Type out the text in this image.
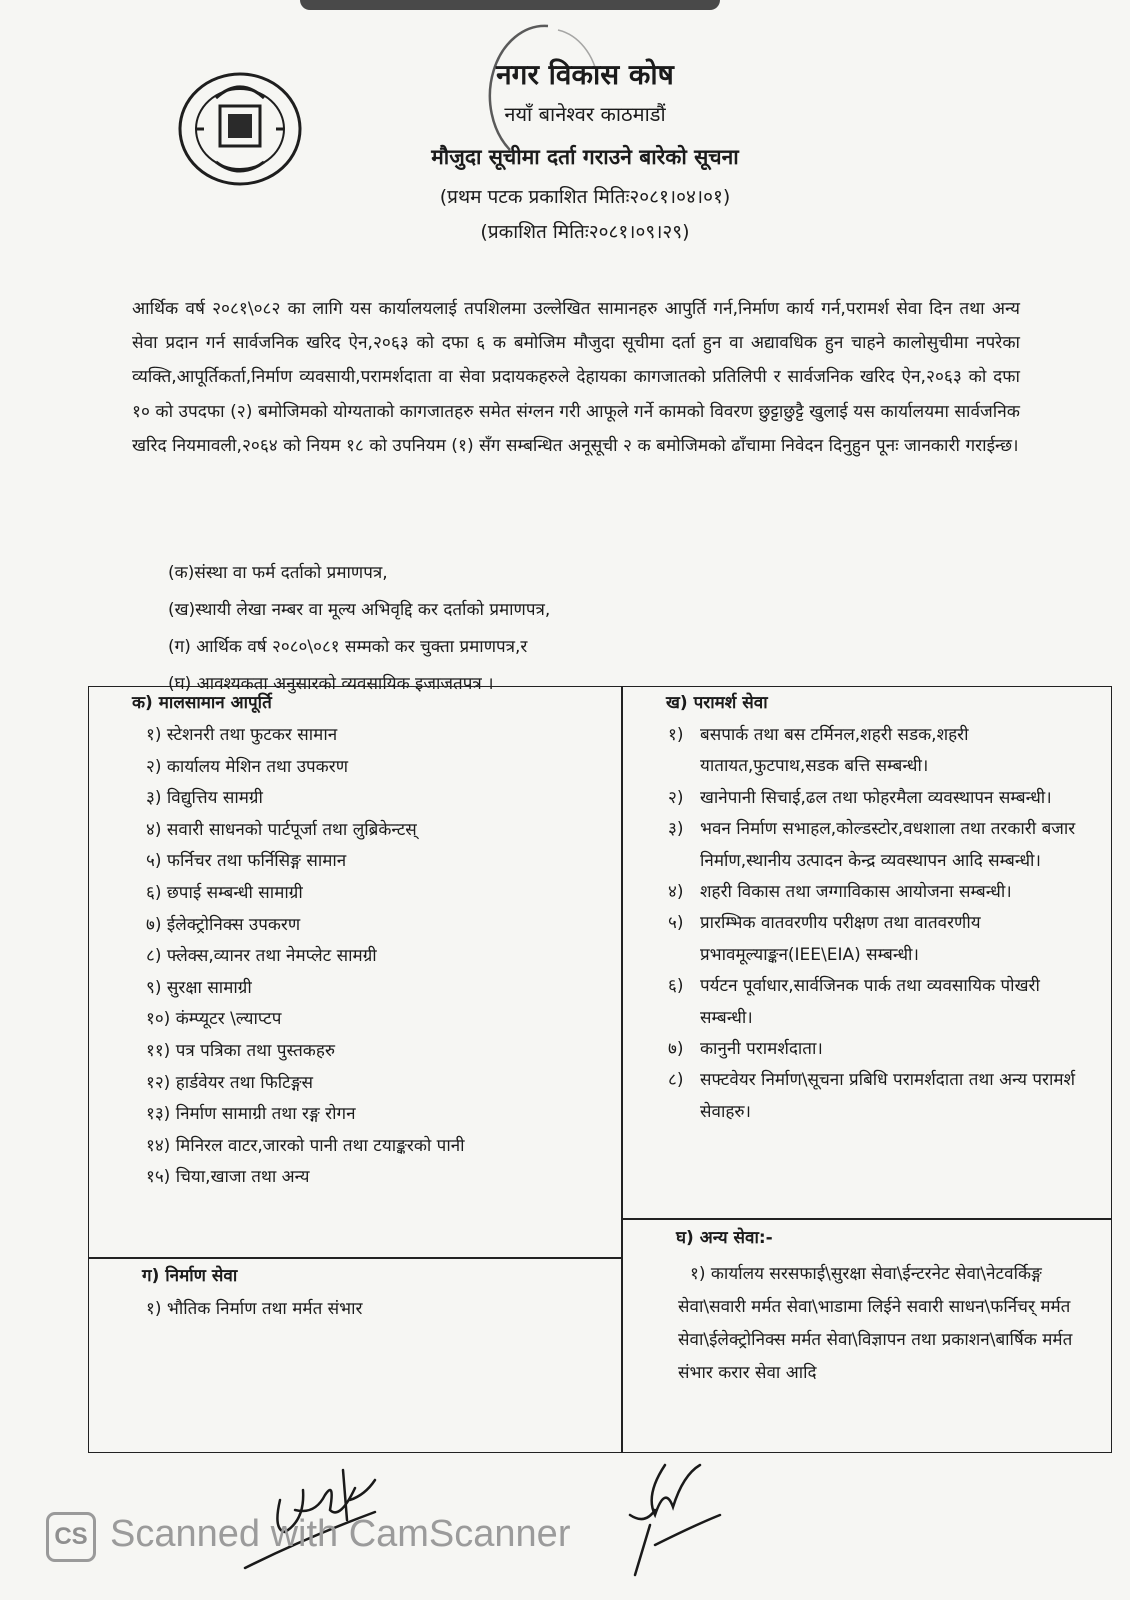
नगर विकास कोष
नयाँ बानेश्वर काठमाडौं
मौजुदा सूचीमा दर्ता गराउने बारेको सूचना
(प्रथम पटक प्रकाशित मितिः२०८१।०४।०१)
(प्रकाशित मितिः२०८१।०९।२९)

आर्थिक वर्ष २०८१\०८२ का लागि यस कार्यालयलाई तपशिलमा उल्लेखित सामानहरु आपुर्ति गर्न,निर्माण कार्य गर्न,परामर्श सेवा दिन तथा अन्य सेवा प्रदान गर्न सार्वजनिक खरिद ऐन,२०६३ को दफा ६ क बमोजिम मौजुदा सूचीमा दर्ता हुन वा अद्यावधिक हुन चाहने कालोसुचीमा नपरेका व्यक्ति,आपूर्तिकर्ता,निर्माण व्यवसायी,परामर्शदाता वा सेवा प्रदायकहरुले देहायका कागजातको प्रतिलिपी र सार्वजनिक खरिद ऐन,२०६३ को दफा १० को उपदफा (२) बमोजिमको योग्यताको कागजातहरु समेत संग्लन गरी आफूले गर्ने कामको विवरण छुट्टाछुट्टै खुलाई यस कार्यालयमा सार्वजनिक खरिद नियमावली,२०६४ को नियम १८ को उपनियम (१) सँग सम्बन्धित अनूसूची २ क बमोजिमको ढाँचामा निवेदन दिनुहुन पूनः जानकारी गराईन्छ।

(क)संस्था वा फर्म दर्ताको प्रमाणपत्र,
(ख)स्थायी लेखा नम्बर वा मूल्य अभिवृद्दि कर दर्ताको प्रमाणपत्र,
(ग) आर्थिक वर्ष २०८०\०८१ सम्मको कर चुक्ता प्रमाणपत्र,र
(घ) आवश्यकता अनुसारको व्यवसायिक इजाजतपत्र ।
क) मालसामान आपूर्ति
१) स्टेशनरी तथा फुटकर सामान
२) कार्यालय मेशिन तथा उपकरण
३) विद्युत्तिय सामग्री
४) सवारी साधनको पार्टपूर्जा तथा लुब्रिकेन्टस्
५) फर्निचर तथा फर्निसिङ्ग सामान
६) छपाई सम्बन्धी सामाग्री
७) ईलेक्ट्रोनिक्स उपकरण
८) फ्लेक्स,व्यानर तथा नेमप्लेट सामग्री
९) सुरक्षा सामाग्री
१०) कंम्प्यूटर \ल्याप्टप
११) पत्र पत्रिका तथा पुस्तकहरु
१२) हार्डवेयर तथा फिटिङ्गस
१३) निर्माण सामाग्री तथा रङ्ग रोगन
१४) मिनिरल वाटर,जारको पानी तथा टयाङ्करको पानी
१५) चिया,खाजा तथा अन्य
ख) परामर्श सेवा
१) बसपार्क तथा बस टर्मिनल,शहरी सडक,शहरी यातायत,फुटपाथ,सडक बत्ति सम्बन्धी।
२) खानेपानी सिचाई,ढल तथा फोहरमैला व्यवस्थापन सम्बन्धी।
३) भवन निर्माण सभाहल,कोल्डस्टोर,वधशाला तथा तरकारी बजार निर्माण,स्थानीय उत्पादन केन्द्र व्यवस्थापन आदि सम्बन्धी।
४) शहरी विकास तथा जग्गाविकास आयोजना सम्बन्धी।
५) प्रारम्भिक वातवरणीय परीक्षण तथा वातवरणीय प्रभावमूल्याङ्कन(IEE\EIA) सम्बन्धी।
६) पर्यटन पूर्वाधार,सार्वजिनक पार्क तथा व्यवसायिक पोखरी सम्बन्धी।
७) कानुनी परामर्शदाता।
८) सफ्टवेयर निर्माण\सूचना प्रबिधि परामर्शदाता तथा अन्य परामर्श सेवाहरु।
ग) निर्माण सेवा
१) भौतिक निर्माण तथा मर्मत संभार
घ) अन्य सेवा:-

१) कार्यालय सरसफाई\सुरक्षा सेवा\ईन्टरनेट सेवा\नेटवर्किङ्ग सेवा\सवारी मर्मत सेवा\भाडामा लिईने सवारी साधन\फर्निचर् मर्मत सेवा\ईलेक्ट्रोनिक्स मर्मत सेवा\विज्ञापन तथा प्रकाशन\बार्षिक मर्मत संभार करार सेवा आदि

CS Scanned with CamScanner
